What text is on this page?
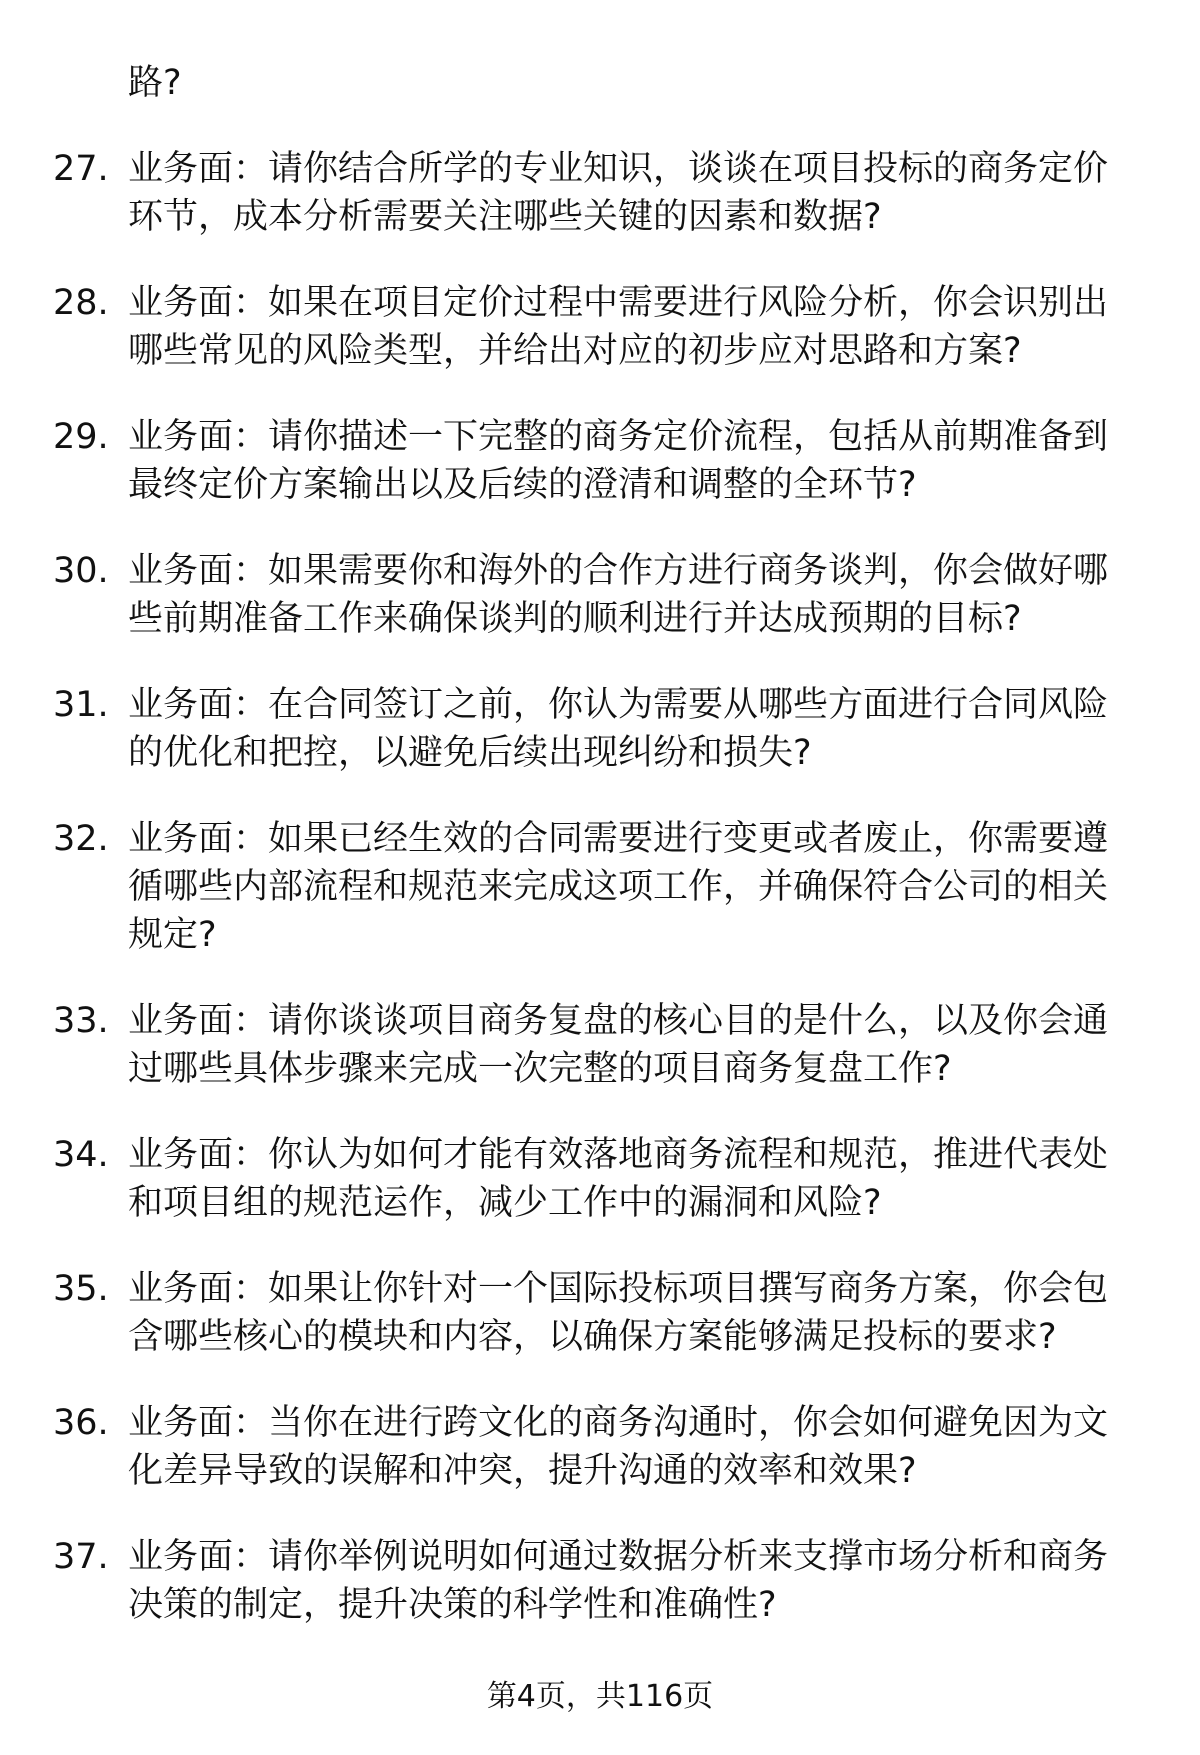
路?
27. 业务面：请你结合所学的专业知识，谈谈在项目投标的商务定价
环节，成本分析需要关注哪些关键的因素和数据?
28. 业务面：如果在项目定价过程中需要进行风险分析，你会识别出
哪些常见的风险类型，并给出对应的初步应对思路和方案?
29. 业务面：请你描述一下完整的商务定价流程，包括从前期准备到
最终定价方案输出以及后续的澄清和调整的全环节?
30. 业务面：如果需要你和海外的合作方进行商务谈判，你会做好哪
些前期准备工作来确保谈判的顺利进行并达成预期的目标?
31. 业务面：在合同签订之前，你认为需要从哪些方面进行合同风险
的优化和把控，以避免后续出现纠纷和损失?
32. 业务面：如果已经生效的合同需要进行变更或者废止，你需要遵
循哪些内部流程和规范来完成这项工作，并确保符合公司的相关
规定?
33. 业务面：请你谈谈项目商务复盘的核心目的是什么，以及你会通
过哪些具体步骤来完成一次完整的项目商务复盘工作?
34. 业务面：你认为如何才能有效落地商务流程和规范，推进代表处
和项目组的规范运作，减少工作中的漏洞和风险?
35. 业务面：如果让你针对一个国际投标项目撰写商务方案，你会包
含哪些核心的模块和内容，以确保方案能够满足投标的要求?
36. 业务面：当你在进行跨文化的商务沟通时，你会如何避免因为文
化差异导致的误解和冲突，提升沟通的效率和效果?
37. 业务面：请你举例说明如何通过数据分析来支撑市场分析和商务
决策的制定，提升决策的科学性和准确性?
第4页，共116页
